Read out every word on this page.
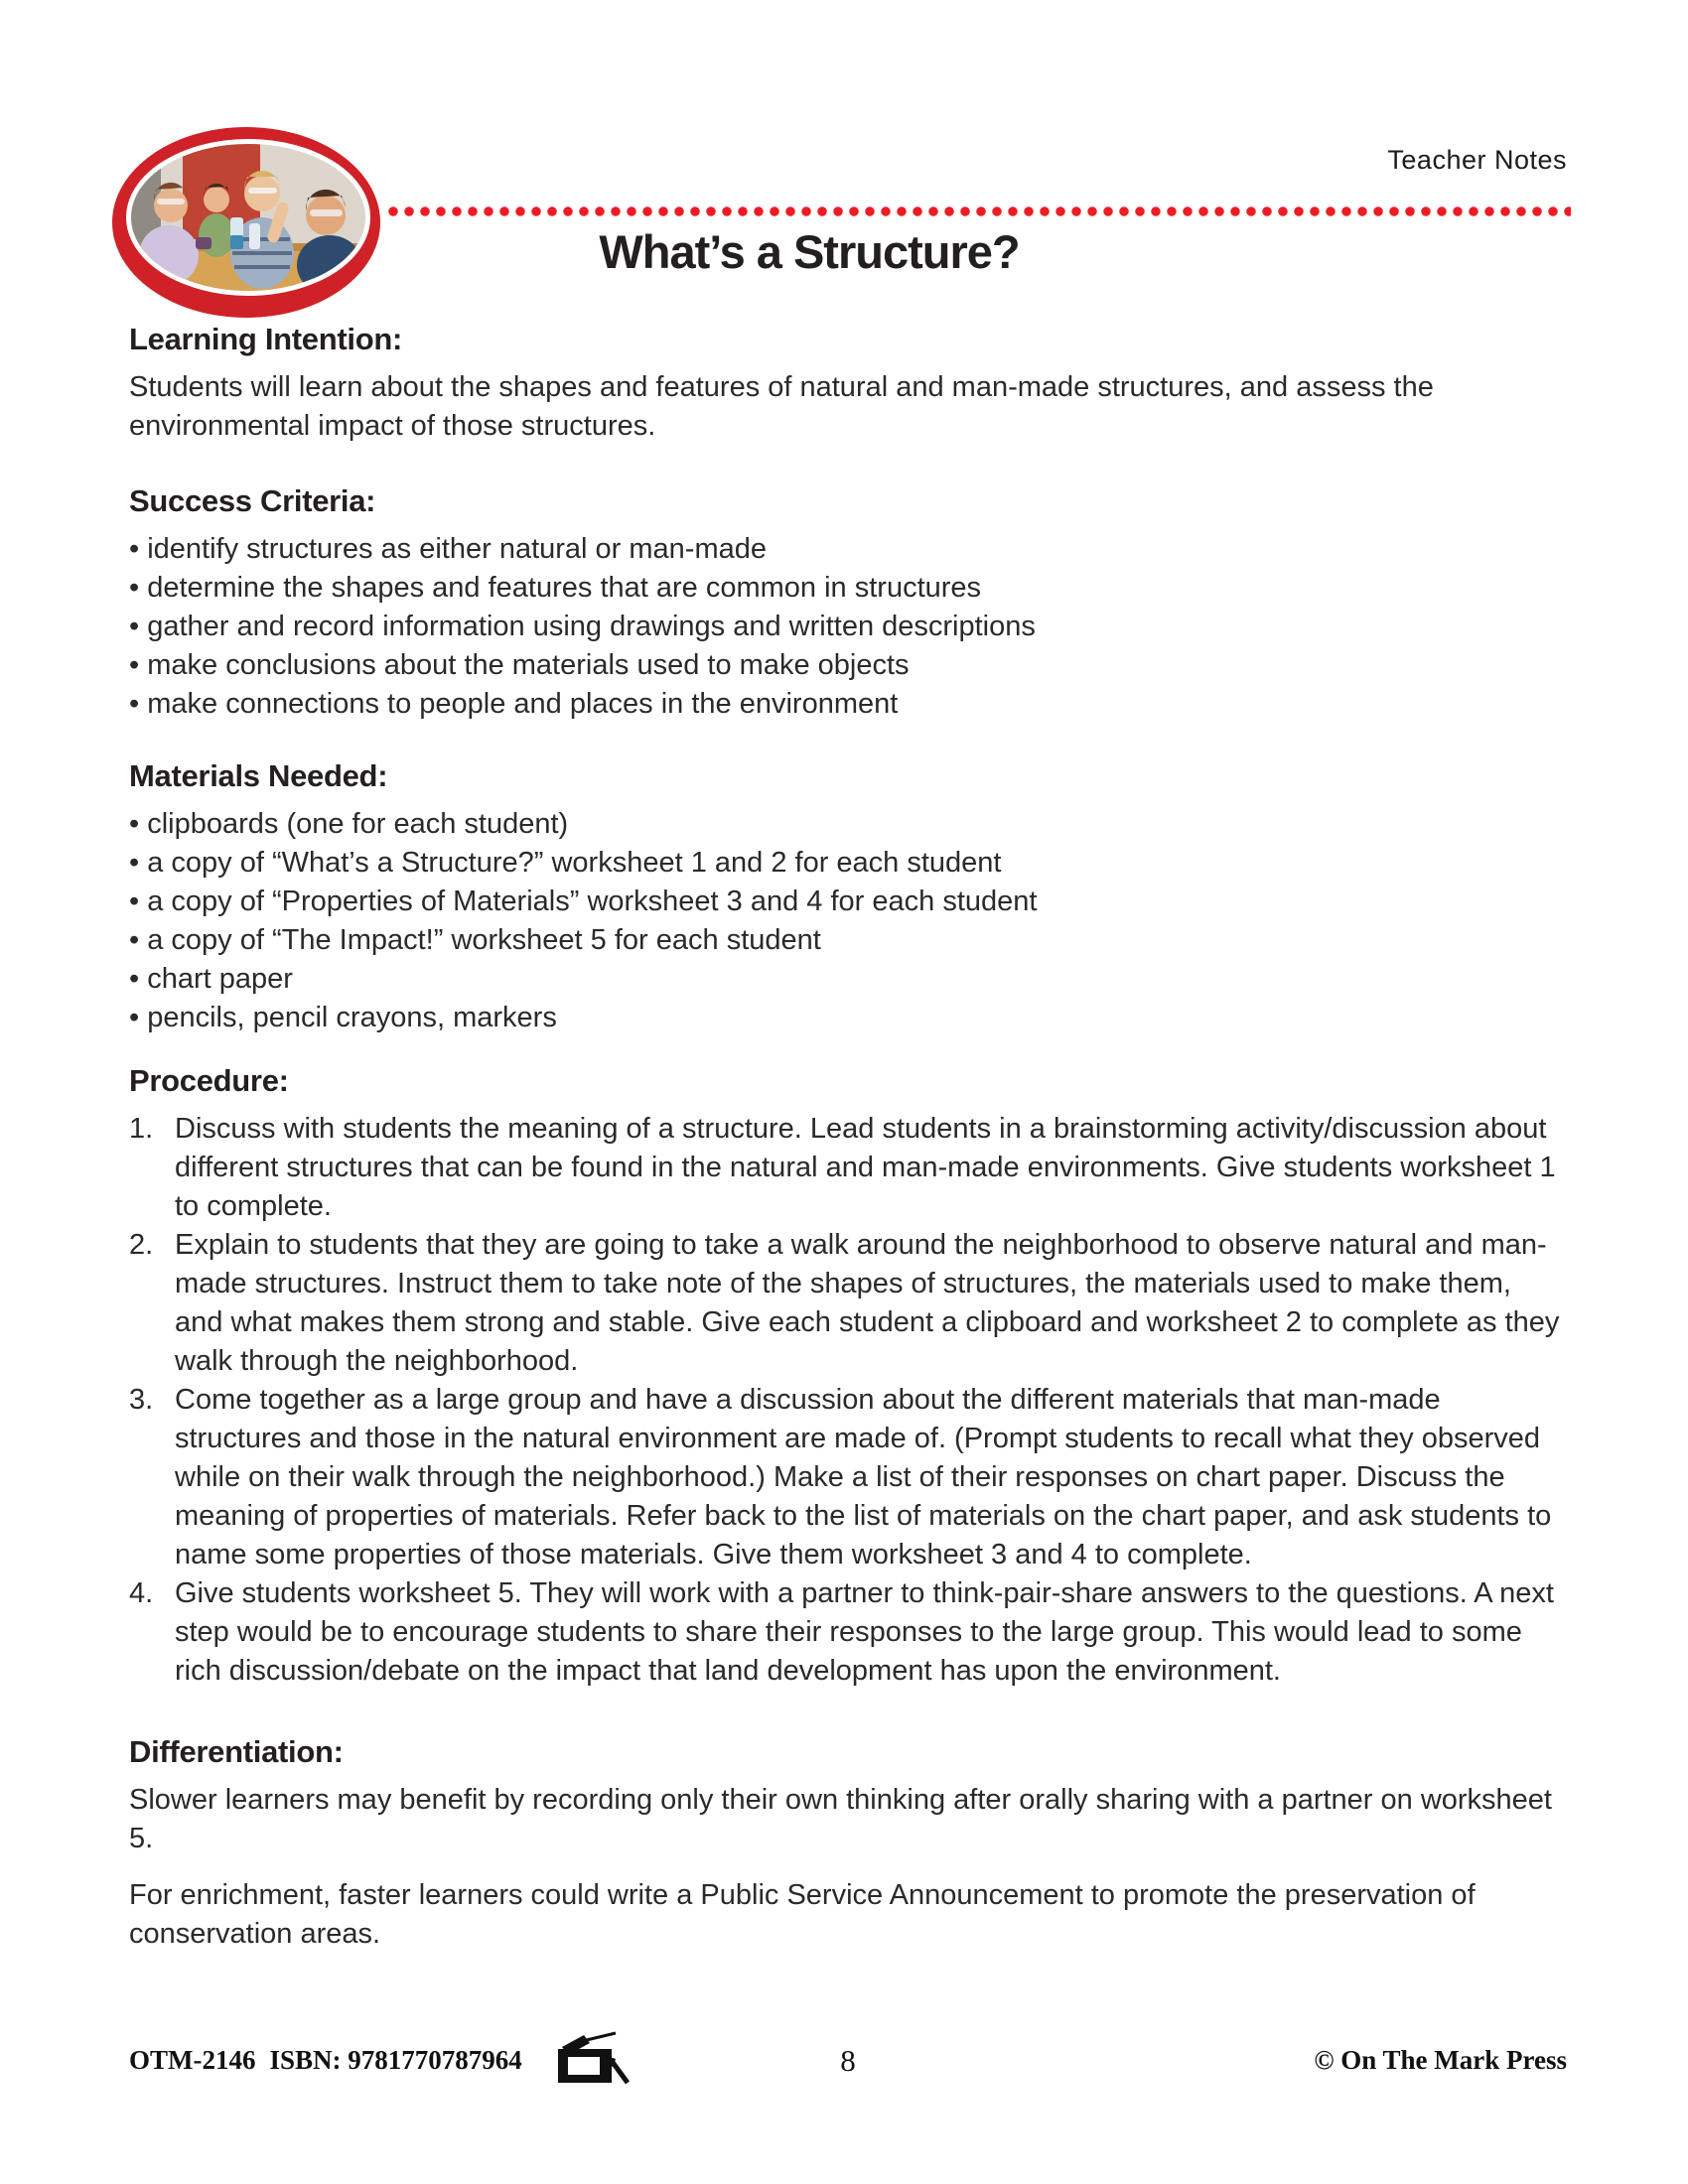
Teacher Notes
What’s a Structure?
Learning Intention:

Students will learn about the shapes and features of natural and man-made structures, and assess the environmental impact of those structures.

Success Criteria:
• identify structures as either natural or man-made
• determine the shapes and features that are common in structures
• gather and record information using drawings and written descriptions
• make conclusions about the materials used to make objects
• make connections to people and places in the environment
Materials Needed:
• clipboards (one for each student)
• a copy of “What’s a Structure?” worksheet 1 and 2 for each student
• a copy of “Properties of Materials” worksheet 3 and 4 for each student
• a copy of “The Impact!” worksheet 5 for each student
• chart paper
• pencils, pencil crayons, markers
Procedure:
Discuss with students the meaning of a structure. Lead students in a brainstorming activity/discussion about different structures that can be found in the natural and man-made environments. Give students worksheet 1 to complete.
Explain to students that they are going to take a walk around the neighborhood to observe natural and man-made structures. Instruct them to take note of the shapes of structures, the materials used to make them, and what makes them strong and stable. Give each student a clipboard and worksheet 2 to complete as they walk through the neighborhood.
Come together as a large group and have a discussion about the different materials that man-made structures and those in the natural environment are made of. (Prompt students to recall what they observed while on their walk through the neighborhood.) Make a list of their responses on chart paper. Discuss the meaning of properties of materials. Refer back to the list of materials on the chart paper, and ask students to name some properties of those materials. Give them worksheet 3 and 4 to complete.
Give students worksheet 5. They will work with a partner to think-pair-share answers to the questions. A next step would be to encourage students to share their responses to the large group. This would lead to some rich discussion/debate on the impact that land development has upon the environment.
Differentiation:

Slower learners may benefit by recording only their own thinking after orally sharing with a partner on worksheet 5.

For enrichment, faster learners could write a Public Service Announcement to promote the preservation of conservation areas.

OTM-2146 ISBN: 9781770787964	8	© On The Mark Press
